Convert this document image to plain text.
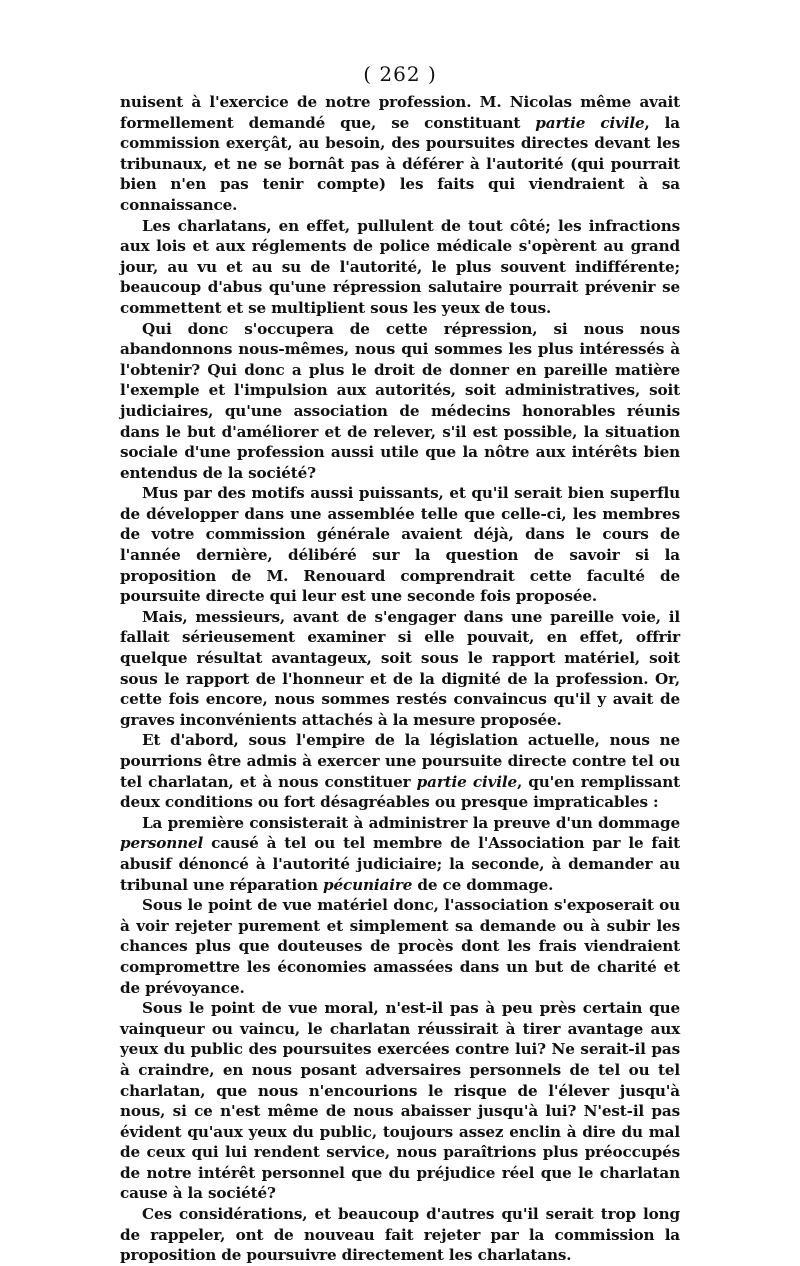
( 262 )

nuisent à l'exercice de notre profession. M. Nicolas même avait formellement demandé que, se constituant partie civile, la commission exerçât, au besoin, des poursuites directes devant les tribunaux, et ne se bornât pas à déférer à l'autorité (qui pourrait bien n'en pas tenir compte) les faits qui viendraient à sa connaissance.

Les charlatans, en effet, pullulent de tout côté; les infractions aux lois et aux réglements de police médicale s'opèrent au grand jour, au vu et au su de l'autorité, le plus souvent indifférente; beaucoup d'abus qu'une répression salutaire pourrait prévenir se commettent et se multiplient sous les yeux de tous.

Qui donc s'occupera de cette répression, si nous nous abandonnons nous-mêmes, nous qui sommes les plus intéressés à l'obtenir? Qui donc a plus le droit de donner en pareille matière l'exemple et l'impulsion aux autorités, soit administratives, soit judiciaires, qu'une association de médecins honorables réunis dans le but d'améliorer et de relever, s'il est possible, la situation sociale d'une profession aussi utile que la nôtre aux intérêts bien entendus de la société?

Mus par des motifs aussi puissants, et qu'il serait bien superflu de développer dans une assemblée telle que celle-ci, les membres de votre commission générale avaient déjà, dans le cours de l'année dernière, délibéré sur la question de savoir si la proposition de M. Renouard comprendrait cette faculté de poursuite directe qui leur est une seconde fois proposée.

Mais, messieurs, avant de s'engager dans une pareille voie, il fallait sérieusement examiner si elle pouvait, en effet, offrir quelque résultat avantageux, soit sous le rapport matériel, soit sous le rapport de l'honneur et de la dignité de la profession. Or, cette fois encore, nous sommes restés convaincus qu'il y avait de graves inconvénients attachés à la mesure proposée.

Et d'abord, sous l'empire de la législation actuelle, nous ne pourrions être admis à exercer une poursuite directe contre tel ou tel charlatan, et à nous constituer partie civile, qu'en remplissant deux conditions ou fort désagréables ou presque impraticables :

La première consisterait à administrer la preuve d'un dommage personnel causé à tel ou tel membre de l'Association par le fait abusif dénoncé à l'autorité judiciaire; la seconde, à demander au tribunal une réparation pécuniaire de ce dommage.

Sous le point de vue matériel donc, l'association s'exposerait ou à voir rejeter purement et simplement sa demande ou à subir les chances plus que douteuses de procès dont les frais viendraient compromettre les économies amassées dans un but de charité et de prévoyance.

Sous le point de vue moral, n'est-il pas à peu près certain que vainqueur ou vaincu, le charlatan réussirait à tirer avantage aux yeux du public des poursuites exercées contre lui? Ne serait-il pas à craindre, en nous posant adversaires personnels de tel ou tel charlatan, que nous n'encourions le risque de l'élever jusqu'à nous, si ce n'est même de nous abaisser jusqu'à lui? N'est-il pas évident qu'aux yeux du public, toujours assez enclin à dire du mal de ceux qui lui rendent service, nous paraîtrions plus préoccupés de notre intérêt personnel que du préjudice réel que le charlatan cause à la société?

Ces considérations, et beaucoup d'autres qu'il serait trop long de rappeler, ont de nouveau fait rejeter par la commission la proposition de poursuivre directement les charlatans.
